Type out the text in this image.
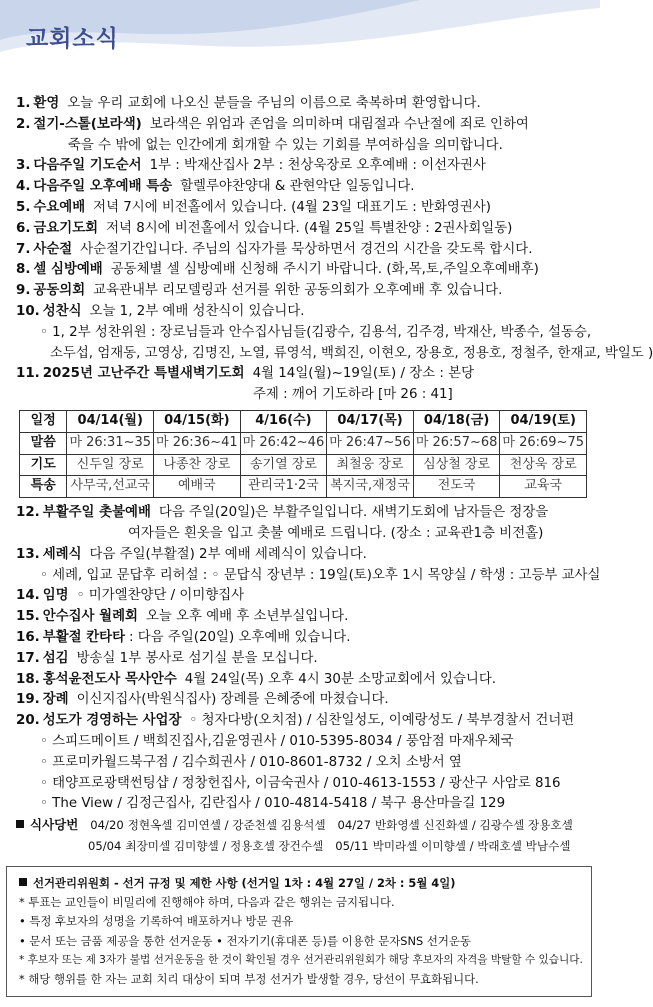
교회소식
1. 환영 오늘 우리 교회에 나오신 분들을 주님의 이름으로 축복하며 환영합니다.
2. 절기-스톨(보라색) 보라색은 위엄과 존엄을 의미하며 대림절과 수난절에 죄로 인하여
죽을 수 밖에 없는 인간에게 회개할 수 있는 기회를 부여하심을 의미합니다.
3. 다음주일 기도순서 1부 : 박재산집사 2부 : 천상욱장로 오후예배 : 이선자권사
4. 다음주일 오후예배 특송 할렐루야찬양대 & 관현악단 일동입니다.
5. 수요예배 저녁 7시에 비전홀에서 있습니다. (4월 23일 대표기도 : 반화영권사)
6. 금요기도회 저녁 8시에 비전홀에서 있습니다. (4월 25일 특별찬양 : 2권사회일동)
7. 사순절 사순절기간입니다. 주님의 십자가를 묵상하면서 경건의 시간을 갖도록 합시다.
8. 셀 심방예배 공동체별 셀 심방예배 신청해 주시기 바랍니다. (화,목,토,주일오후예배후)
9. 공동의회 교육관내부 리모델링과 선거를 위한 공동의회가 오후예배 후 있습니다.
10. 성찬식 오늘 1, 2부 예배 성찬식이 있습니다.
◦ 1, 2부 성찬위원 : 장로님들과 안수집사님들(김광수, 김용석, 김주경, 박재산, 박종수, 설동승,
소두섭, 엄재동, 고영상, 김명진, 노열, 류영석, 백희진, 이현오, 장용호, 정용호, 정철주, 한재교, 박일도 )
11. 2025년 고난주간 특별새벽기도회 4월 14일(월)~19일(토) / 장소 : 본당
주제 : 깨어 기도하라 [마 26 : 41]
일정	04/14(월)	04/15(화)	4/16(수)	04/17(목)	04/18(금)	04/19(토)
말씀	마 26:31~35	마 26:36~41	마 26:42~46	마 26:47~56	마 26:57~68	마 26:69~75
기도	신두일 장로	나종찬 장로	송기열 장로	최철웅 장로	심상철 장로	천상욱 장로
특송	사무국,선교국	예배국	관리국1·2국	복지국,재정국	전도국	교육국
12. 부활주일 촛불예배 다음 주일(20일)은 부활주일입니다. 새벽기도회에 남자들은 정장을
여자들은 흰옷을 입고 촛불 예배로 드립니다. (장소 : 교육관1층 비전홀)
13. 세례식 다음 주일(부활절) 2부 예배 세례식이 있습니다.
◦ 세례, 입교 문답후 리허설 : ◦ 문답식 장년부 : 19일(토)오후 1시 목양실 / 학생 : 고등부 교사실
14. 임명 ◦ 미가엘찬양단 / 이미향집사
15. 안수집사 월례회 오늘 오후 예배 후 소년부실입니다.
16. 부활절 칸타타 : 다음 주일(20일) 오후예배 있습니다.
17. 섬김 방송실 1부 봉사로 섬기실 분을 모십니다.
18. 홍석윤전도사 목사안수 4월 24일(목) 오후 4시 30분 소망교회에서 있습니다.
19. 장례 이신지집사(박원식집사) 장례를 은혜중에 마쳤습니다.
20. 성도가 경영하는 사업장 ◦ 청자다방(오치점) / 심찬일성도, 이예랑성도 / 북부경찰서 건너편
◦ 스피드메이트 / 백희진집사,김윤영권사 / 010-5395-8034 / 풍암점 마재우체국
◦ 프로미카월드북구점 / 김수희권사 / 010-8601-8732 / 오치 소방서 옆
◦ 태양프로광택썬팅샵 / 정창헌집사, 이금숙권사 / 010-4613-1553 / 광산구 사암로 816
◦ The View / 김정근집사, 김란집사 / 010-4814-5418 / 북구 용산마을길 129
식사당번 04/20 정현옥셀 김미연셀 / 강준천셀 김용석셀 04/27 반화영셀 신진화셀 / 김광수셀 장용호셀
05/04 최장미셀 김미향셀 / 정용호셀 장건수셀 05/11 박미라셀 이미향셀 / 박래호셀 박남수셀
선거관리위원회 - 선거 규정 및 제한 사항 (선거일 1차 : 4월 27일 / 2차 : 5월 4일)
* 투표는 교인들이 비밀리에 진행해야 하며, 다음과 같은 행위는 금지됩니다.
• 특정 후보자의 성명을 기록하여 배포하거나 방문 권유
• 문서 또는 금품 제공을 통한 선거운동 • 전자기기(휴대폰 등)를 이용한 문자SNS 선거운동
* 후보자 또는 제 3자가 불법 선거운동을 한 것이 확인될 경우 선거관리위원회가 해당 후보자의 자격을 박탈할 수 있습니다.
* 해당 행위를 한 자는 교회 치리 대상이 되며 부정 선거가 발생할 경우, 당선이 무효화됩니다.
